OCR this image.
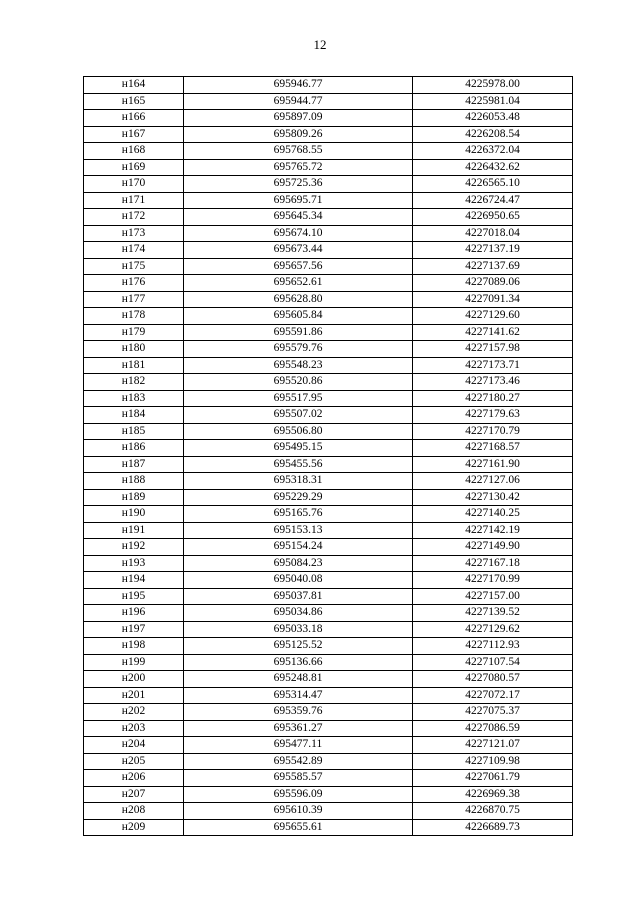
12
н164	695946.77	4225978.00
н165	695944.77	4225981.04
н166	695897.09	4226053.48
н167	695809.26	4226208.54
н168	695768.55	4226372.04
н169	695765.72	4226432.62
н170	695725.36	4226565.10
н171	695695.71	4226724.47
н172	695645.34	4226950.65
н173	695674.10	4227018.04
н174	695673.44	4227137.19
н175	695657.56	4227137.69
н176	695652.61	4227089.06
н177	695628.80	4227091.34
н178	695605.84	4227129.60
н179	695591.86	4227141.62
н180	695579.76	4227157.98
н181	695548.23	4227173.71
н182	695520.86	4227173.46
н183	695517.95	4227180.27
н184	695507.02	4227179.63
н185	695506.80	4227170.79
н186	695495.15	4227168.57
н187	695455.56	4227161.90
н188	695318.31	4227127.06
н189	695229.29	4227130.42
н190	695165.76	4227140.25
н191	695153.13	4227142.19
н192	695154.24	4227149.90
н193	695084.23	4227167.18
н194	695040.08	4227170.99
н195	695037.81	4227157.00
н196	695034.86	4227139.52
н197	695033.18	4227129.62
н198	695125.52	4227112.93
н199	695136.66	4227107.54
н200	695248.81	4227080.57
н201	695314.47	4227072.17
н202	695359.76	4227075.37
н203	695361.27	4227086.59
н204	695477.11	4227121.07
н205	695542.89	4227109.98
н206	695585.57	4227061.79
н207	695596.09	4226969.38
н208	695610.39	4226870.75
н209	695655.61	4226689.73
